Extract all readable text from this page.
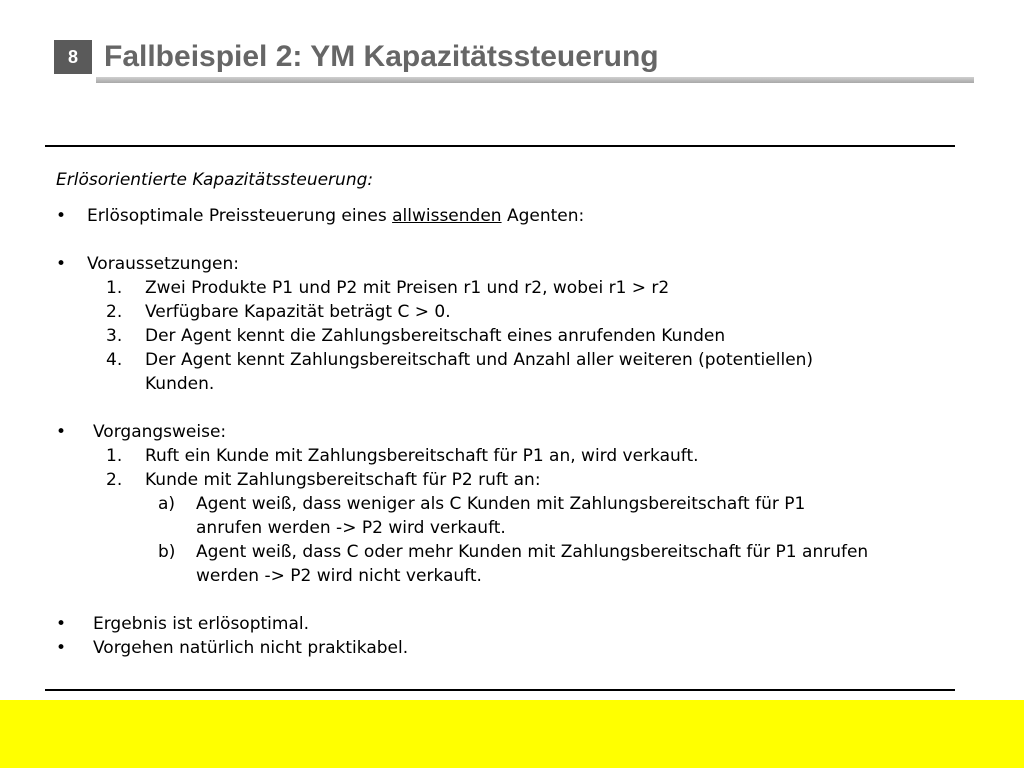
8 Fallbeispiel 2: YM Kapazitätssteuerung
Erlösorientierte Kapazitätssteuerung:
• Erlösoptimale Preissteuerung eines allwissenden Agenten:
• Voraussetzungen:
1. Zwei Produkte P1 und P2 mit Preisen r1 und r2, wobei r1 > r2
2. Verfügbare Kapazität beträgt C > 0.
3. Der Agent kennt die Zahlungsbereitschaft eines anrufenden Kunden
4. Der Agent kennt Zahlungsbereitschaft und Anzahl aller weiteren (potentiellen)
Kunden.
• Vorgangsweise:
1. Ruft ein Kunde mit Zahlungsbereitschaft für P1 an, wird verkauft.
2. Kunde mit Zahlungsbereitschaft für P2 ruft an:
a) Agent weiß, dass weniger als C Kunden mit Zahlungsbereitschaft für P1
anrufen werden -> P2 wird verkauft.
b) Agent weiß, dass C oder mehr Kunden mit Zahlungsbereitschaft für P1 anrufen
werden -> P2 wird nicht verkauft.
• Ergebnis ist erlösoptimal.
• Vorgehen natürlich nicht praktikabel.
